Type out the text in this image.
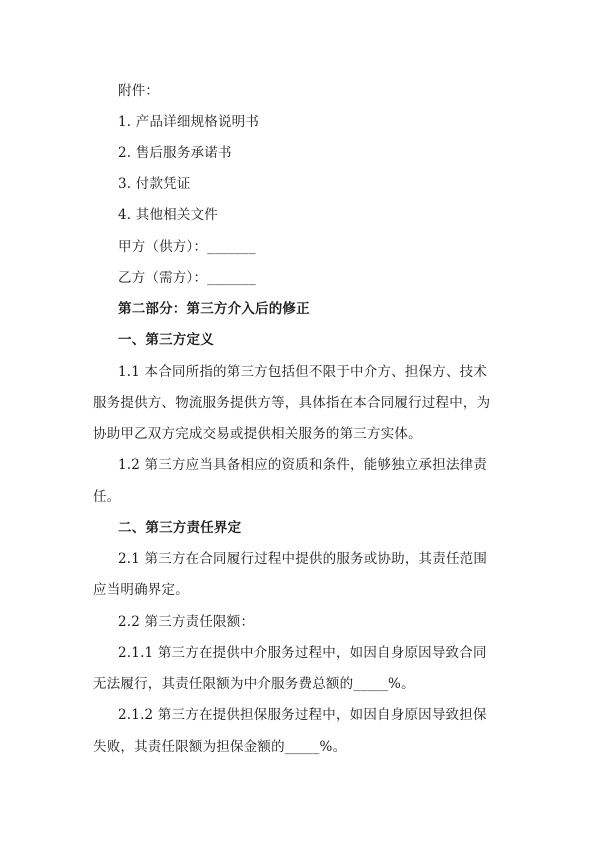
附件：
1. 产品详细规格说明书
2. 售后服务承诺书
3. 付款凭证
4. 其他相关文件
甲方（供方）：_______
乙方（需方）：_______
第二部分：第三方介入后的修正
一、第三方定义
1.1 本合同所指的第三方包括但不限于中介方、担保方、技术
服务提供方、物流服务提供方等，具体指在本合同履行过程中，为
协助甲乙双方完成交易或提供相关服务的第三方实体。
1.2 第三方应当具备相应的资质和条件，能够独立承担法律责
任。
二、第三方责任界定
2.1 第三方在合同履行过程中提供的服务或协助，其责任范围
应当明确界定。
2.2 第三方责任限额：
2.1.1 第三方在提供中介服务过程中，如因自身原因导致合同
无法履行，其责任限额为中介服务费总额的_____%。
2.1.2 第三方在提供担保服务过程中，如因自身原因导致担保
失败，其责任限额为担保金额的_____%。
